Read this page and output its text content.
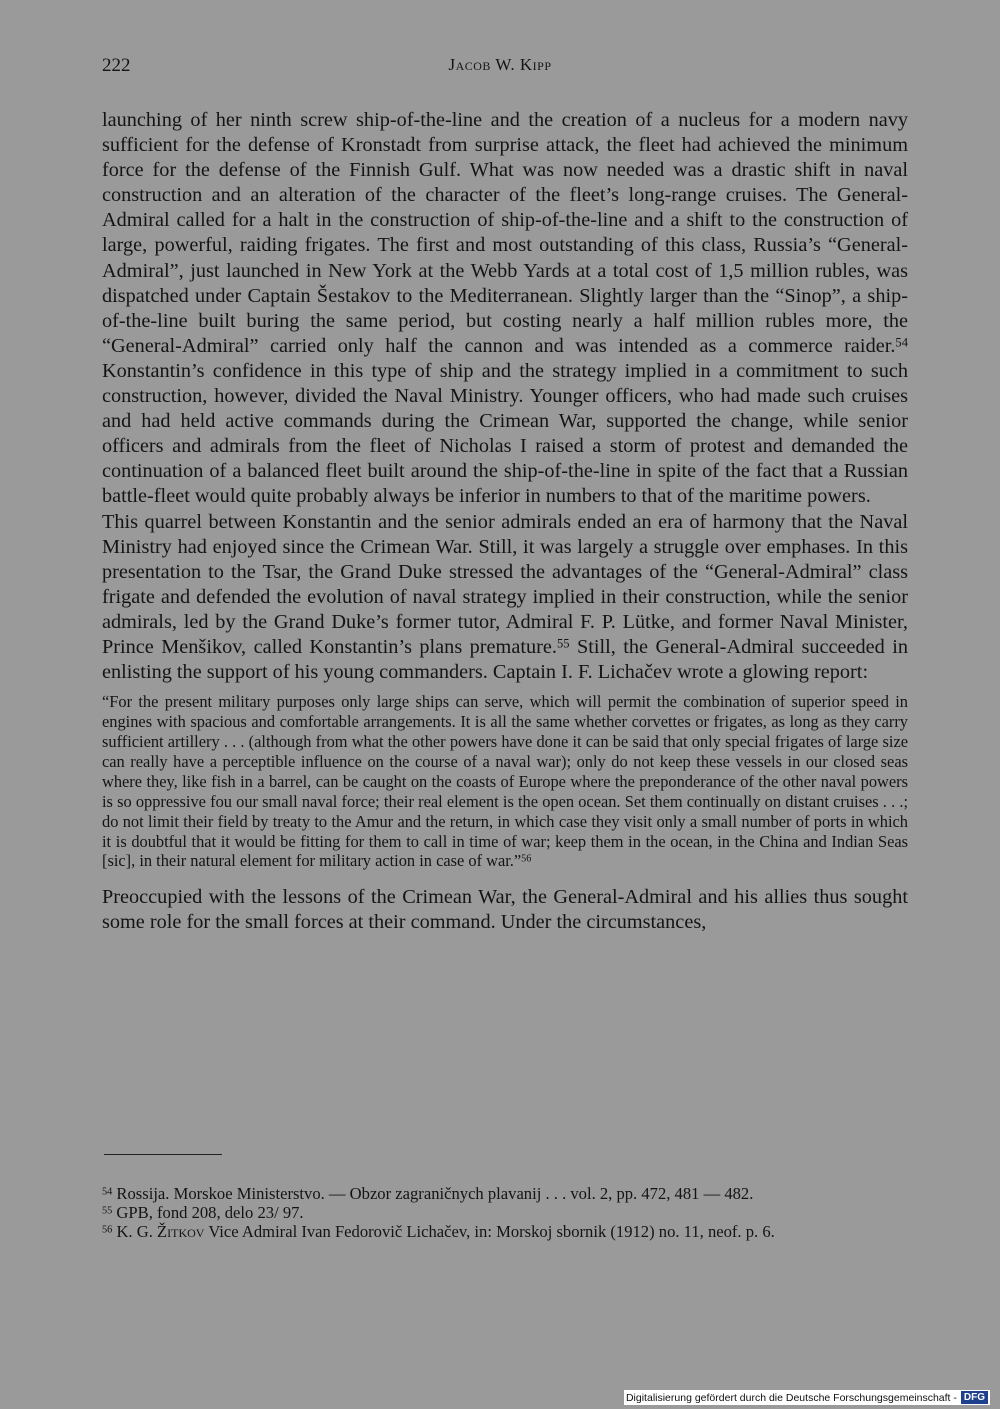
222	Jacob W. Kipp

launching of her ninth screw ship-of-the-line and the creation of a nucleus for a modern navy sufficient for the defense of Kronstadt from surprise attack, the fleet had achieved the minimum force for the defense of the Finnish Gulf. What was now needed was a drastic shift in naval construction and an alteration of the character of the fleet’s long-range cruises. The General-Admiral called for a halt in the construction of ship-of-the-line and a shift to the construction of large, powerful, raiding frigates. The first and most outstanding of this class, Russia’s “General-Admiral”, just launched in New York at the Webb Yards at a total cost of 1,5 million rubles, was dispatched under Captain Šestakov to the Mediterranean. Slightly larger than the “Sinop”, a ship-of-the-line built buring the same period, but costing nearly a half million rubles more, the “General-Admiral” carried only half the cannon and was intended as a commerce raider.$^{54}$ Konstantin’s confidence in this type of ship and the strategy implied in a commitment to such construction, however, divided the Naval Ministry. Younger officers, who had made such cruises and had held active commands during the Crimean War, supported the change, while senior officers and admirals from the fleet of Nicholas I raised a storm of protest and demanded the continuation of a balanced fleet built around the ship-of-the-line in spite of the fact that a Russian battle-fleet would quite probably always be inferior in numbers to that of the maritime powers.

This quarrel between Konstantin and the senior admirals ended an era of harmony that the Naval Ministry had enjoyed since the Crimean War. Still, it was largely a struggle over emphases. In this presentation to the Tsar, the Grand Duke stressed the advantages of the “General-Admiral” class frigate and defended the evolution of naval strategy implied in their construction, while the senior admirals, led by the Grand Duke’s former tutor, Admiral F. P. Lütke, and former Naval Minister, Prince Menšikov, called Konstantin’s plans premature.$^{55}$ Still, the General-Admiral succeeded in enlisting the support of his young commanders. Captain I. F. Lichačev wrote a glowing report:

“For the present military purposes only large ships can serve, which will permit the combination of superior speed in engines with spacious and comfortable arrangements. It is all the same whether corvettes or frigates, as long as they carry sufficient artillery . . . (although from what the other powers have done it can be said that only special frigates of large size can really have a perceptible influence on the course of a naval war); only do not keep these vessels in our closed seas where they, like fish in a barrel, can be caught on the coasts of Europe where the preponderance of the other naval powers is so oppressive fou our small naval force; their real element is the open ocean. Set them continually on distant cruises . . .; do not limit their field by treaty to the Amur and the return, in which case they visit only a small number of ports in which it is doubtful that it would be fitting for them to call in time of war; keep them in the ocean, in the China and Indian Seas [sic], in their natural element for military action in case of war.”$^{56}$

Preoccupied with the lessons of the Crimean War, the General-Admiral and his allies thus sought some role for the small forces at their command. Under the circumstances,

$^{54}$ Rossija. Morskoe Ministerstvo. — Obzor zagraničnych plavanij . . . vol. 2, pp. 472, 481 — 482.

$^{55}$ GPB, fond 208, delo 23/ 97.

$^{56}$ K. G. Žitkov Vice Admiral Ivan Fedorovič Lichačev, in: Morskoj sbornik (1912) no. 11, neof. p. 6.

Digitalisierung gefördert durch die Deutsche Forschungsgemeinschaft - DFG
